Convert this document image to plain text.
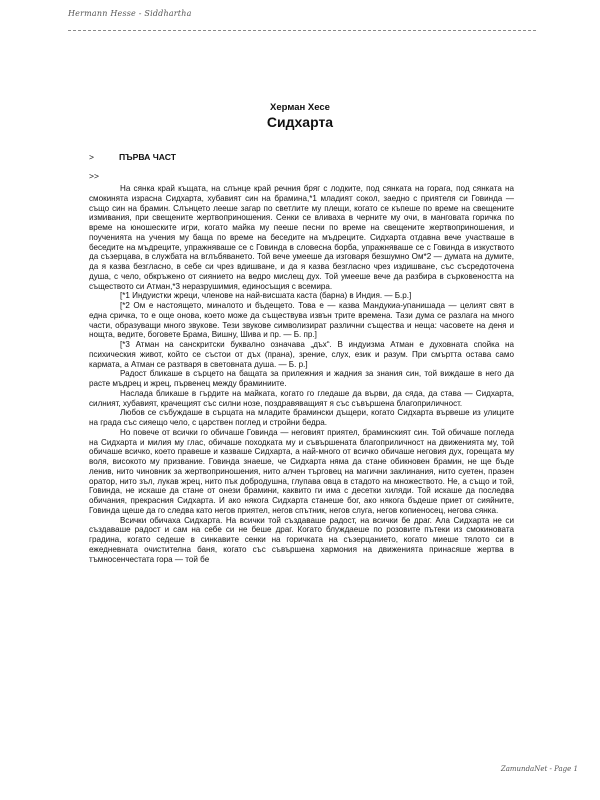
Hermann Hesse - Siddhartha
Херман Хесе
Сидхарта
>	ПЪРВА ЧАСТ
>>

На сянка край къщата, на слънце край речния бряг с лодките, под сянката на горага, под сянката на смокинята израсна Сидхарта, хубавият син на брамина,*1 младият сокол, заедно с приятеля си Говинда — също син на брамин. Слънцето лееше загар по светлите му плещи, когато се къпеше по време на свещените измивания, при свещените жертвоприношения. Сенки се вливаха в черните му очи, в манговата горичка по време на юношеските игри, когато майка му пееше песни по време на свещените жертвоприношения, и поученията на учения му баща по време на беседите на мъдреците. Сидхарта отдавна вече участваше в беседите на мъдреците, упражняваше се с Говинда в словесна борба, упражняваше се с Говинда в изкуството да съзерцава, в службата на вглъбяването. Той вече умееше да изговаря безшумно Ом*2 — думата на думите, да я казва безгласно, в себе си чрез вдишване, и да я казва безгласно чрез издишване, със съсредоточена душа, с чело, обкръжено от сиянието на ведро мислещ дух. Той умееше вече да разбира в сърковеността на съществото си Атман,*3 неразрушимия, единосъщия с всемира.

[*1 Индуистки жреци, членове на най-висшата каста (барна) в Индия. — Б.р.]

[*2 Ом е настоящето, миналото и бъдещето. Това е — казва Мандукиа-упанишада — целият свят в една сричка, то е още онова, което може да съществува извън трите времена. Тази дума се разлага на много части, образуващи много звукове. Тези звукове символизират различни същества и неща: часовете на деня и нощта, ведите, боговете Брама, Вишну, Шива и пр. — Б. пр.]

[*3 Атман на санскритски буквално означава „дъх“. В индуизма Атман е духовната спойка на психическия живот, който се състои от дъх (прана), зрение, слух, език и разум. При смъртта остава само кармата, а Атман се разтваря в световната душа. — Б. р.]

Радост бликаше в сърцето на бащата за прилежния и жадния за знания син, той виждаше в него да расте мъдрец и жрец, първенец между браминиите.

Наслада бликаше в гърдите на майката, когато го гледаше да върви, да сяда, да става — Сидхарта, силният, хубавият, крачещият със силни нозе, поздравяващият я със съвършена благоприличност.

Любов се събуждаше в сърцата на младите брамински дъщери, когато Сидхарта вървеше из улиците на града със сияещо чело, с царствен поглед и стройни бедра.

Но повече от всички го обичаше Говинда — неговият приятел, браминският син. Той обичаше погледа на Сидхарта и милия му глас, обичаше походката му и съвършената благоприличност на движенията му, той обичаше всичко, което правеше и казваше Сидхарта, а най-много от всичко обичаше неговия дух, горещата му воля, високото му призвание. Говинда знаеше, че Сидхарта няма да стане обикновен брамин, не ще бъде ленив, нито чиновник за жертвоприношения, нито алчен търговец на магични заклинания, нито суетен, празен оратор, нито зъл, лукав жрец, нито пък добродушна, глупава овца в стадото на множеството. Не, а също и той, Говинда, не искаше да стане от онези брамини, каквито ги има с десетки хиляди. Той искаше да последва обичания, прекрасния Сидхарта. И ако някога Сидхарта станеше бог, ако някога бъдеше приет от сияйните, Говинда щеше да го следва като негов приятел, негов спътник, негов слуга, негов копиеносец, негова сянка.

Всички обичаха Сидхарта. На всички той създаваше радост, на всички бе драг. Ала Сидхарта не си създаваше радост и сам на себе си не беше драг. Когато блуждаеше по розовите пътеки из смокиновата градина, когато седеше в синкавите сенки на горичката на съзерцанието, когато миеше тялото си в ежедневната очистителна баня, когато със съвършена хармония на движенията принасяше жертва в тъмносенчестата гора — той бе

ZamundaNet - Page 1
